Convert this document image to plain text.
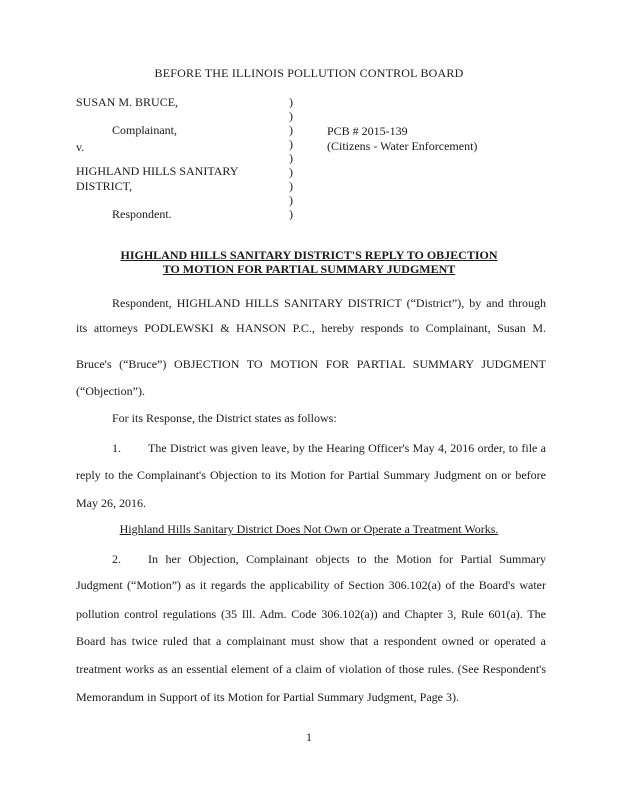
BEFORE THE ILLINOIS POLLUTION CONTROL BOARD
SUSAN M. BRUCE,
Complainant,
v.
HIGHLAND HILLS SANITARY
DISTRICT,
Respondent.
)
)
)
)
)
)
)
)
)
PCB # 2015-139
(Citizens - Water Enforcement)
HIGHLAND HILLS SANITARY DISTRICT'S REPLY TO OBJECTION
TO MOTION FOR PARTIAL SUMMARY JUDGMENT
Respondent, HIGHLAND HILLS SANITARY DISTRICT (“District”), by and through
its attorneys PODLEWSKI & HANSON P.C., hereby responds to Complainant, Susan M.
Bruce's (“Bruce”) OBJECTION TO MOTION FOR PARTIAL SUMMARY JUDGMENT
(“Objection”).
For its Response, the District states as follows:
1. The District was given leave, by the Hearing Officer's May 4, 2016 order, to file a
reply to the Complainant's Objection to its Motion for Partial Summary Judgment on or before
May 26, 2016.
Highland Hills Sanitary District Does Not Own or Operate a Treatment Works.
2. In her Objection, Complainant objects to the Motion for Partial Summary
Judgment (“Motion”) as it regards the applicability of Section 306.102(a) of the Board's water
pollution control regulations (35 Ill. Adm. Code 306.102(a)) and Chapter 3, Rule 601(a). The
Board has twice ruled that a complainant must show that a respondent owned or operated a
treatment works as an essential element of a claim of violation of those rules. (See Respondent's
Memorandum in Support of its Motion for Partial Summary Judgment, Page 3).
1
